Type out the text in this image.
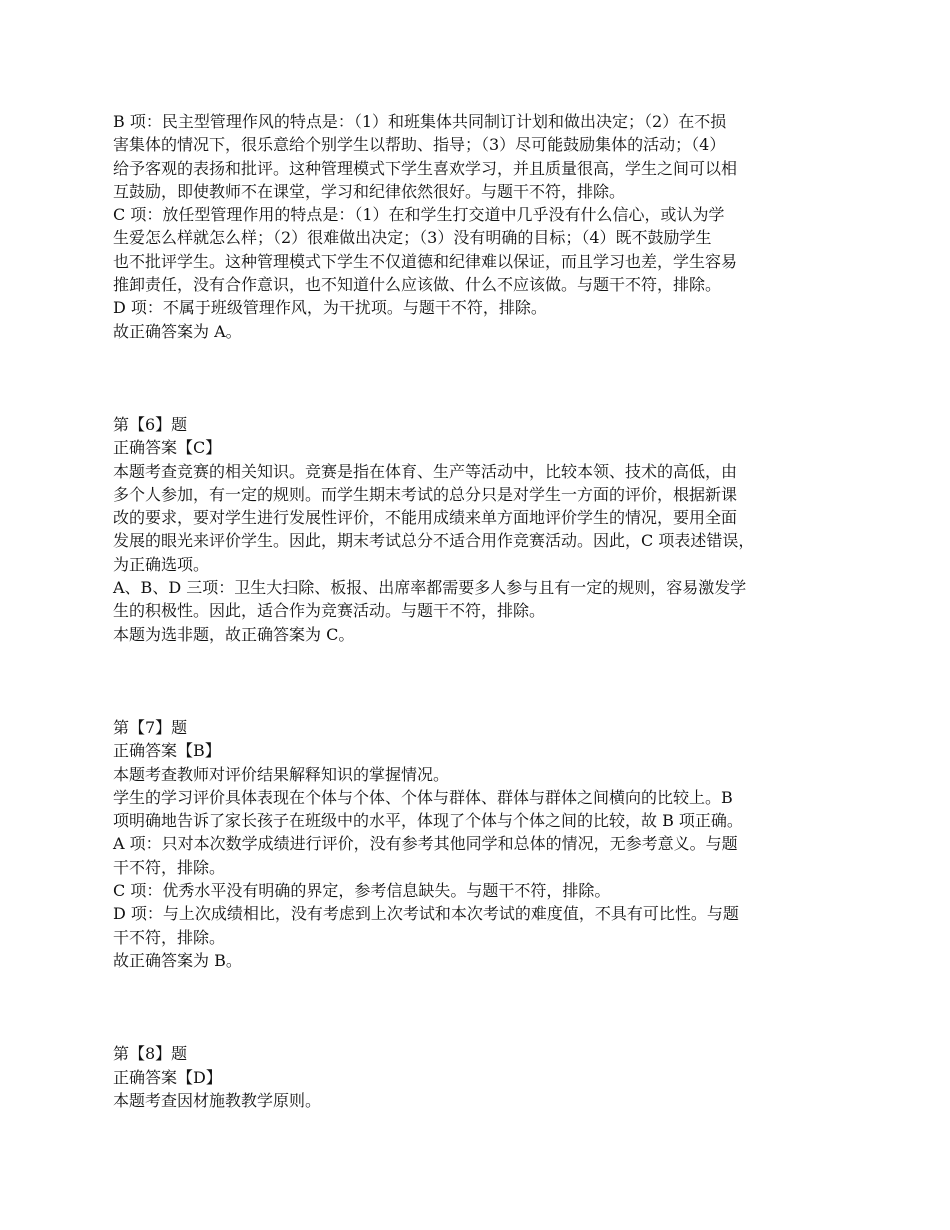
B 项：民主型管理作风的特点是：（1）和班集体共同制订计划和做出决定；（2）在不损
害集体的情况下，很乐意给个别学生以帮助、指导；（3）尽可能鼓励集体的活动；（4）
给予客观的表扬和批评。这种管理模式下学生喜欢学习，并且质量很高，学生之间可以相
互鼓励，即使教师不在课堂，学习和纪律依然很好。与题干不符，排除。
C 项：放任型管理作用的特点是：（1）在和学生打交道中几乎没有什么信心，或认为学
生爱怎么样就怎么样；（2）很难做出决定；（3）没有明确的目标；（4）既不鼓励学生
也不批评学生。这种管理模式下学生不仅道德和纪律难以保证，而且学习也差，学生容易
推卸责任，没有合作意识，也不知道什么应该做、什么不应该做。与题干不符，排除。
D 项：不属于班级管理作风，为干扰项。与题干不符，排除。
故正确答案为 A。
第【6】题
正确答案【C】
本题考查竞赛的相关知识。竞赛是指在体育、生产等活动中，比较本领、技术的高低，由
多个人参加，有一定的规则。而学生期末考试的总分只是对学生一方面的评价，根据新课
改的要求，要对学生进行发展性评价，不能用成绩来单方面地评价学生的情况，要用全面
发展的眼光来评价学生。因此，期末考试总分不适合用作竞赛活动。因此，C 项表述错误，
为正确选项。
A、B、D 三项：卫生大扫除、板报、出席率都需要多人参与且有一定的规则，容易激发学
生的积极性。因此，适合作为竞赛活动。与题干不符，排除。
本题为选非题，故正确答案为 C。
第【7】题
正确答案【B】
本题考查教师对评价结果解释知识的掌握情况。
学生的学习评价具体表现在个体与个体、个体与群体、群体与群体之间横向的比较上。B
项明确地告诉了家长孩子在班级中的水平，体现了个体与个体之间的比较，故 B 项正确。
A 项：只对本次数学成绩进行评价，没有参考其他同学和总体的情况，无参考意义。与题
干不符，排除。
C 项：优秀水平没有明确的界定，参考信息缺失。与题干不符，排除。
D 项：与上次成绩相比，没有考虑到上次考试和本次考试的难度值，不具有可比性。与题
干不符，排除。
故正确答案为 B。
第【8】题
正确答案【D】
本题考查因材施教教学原则。
